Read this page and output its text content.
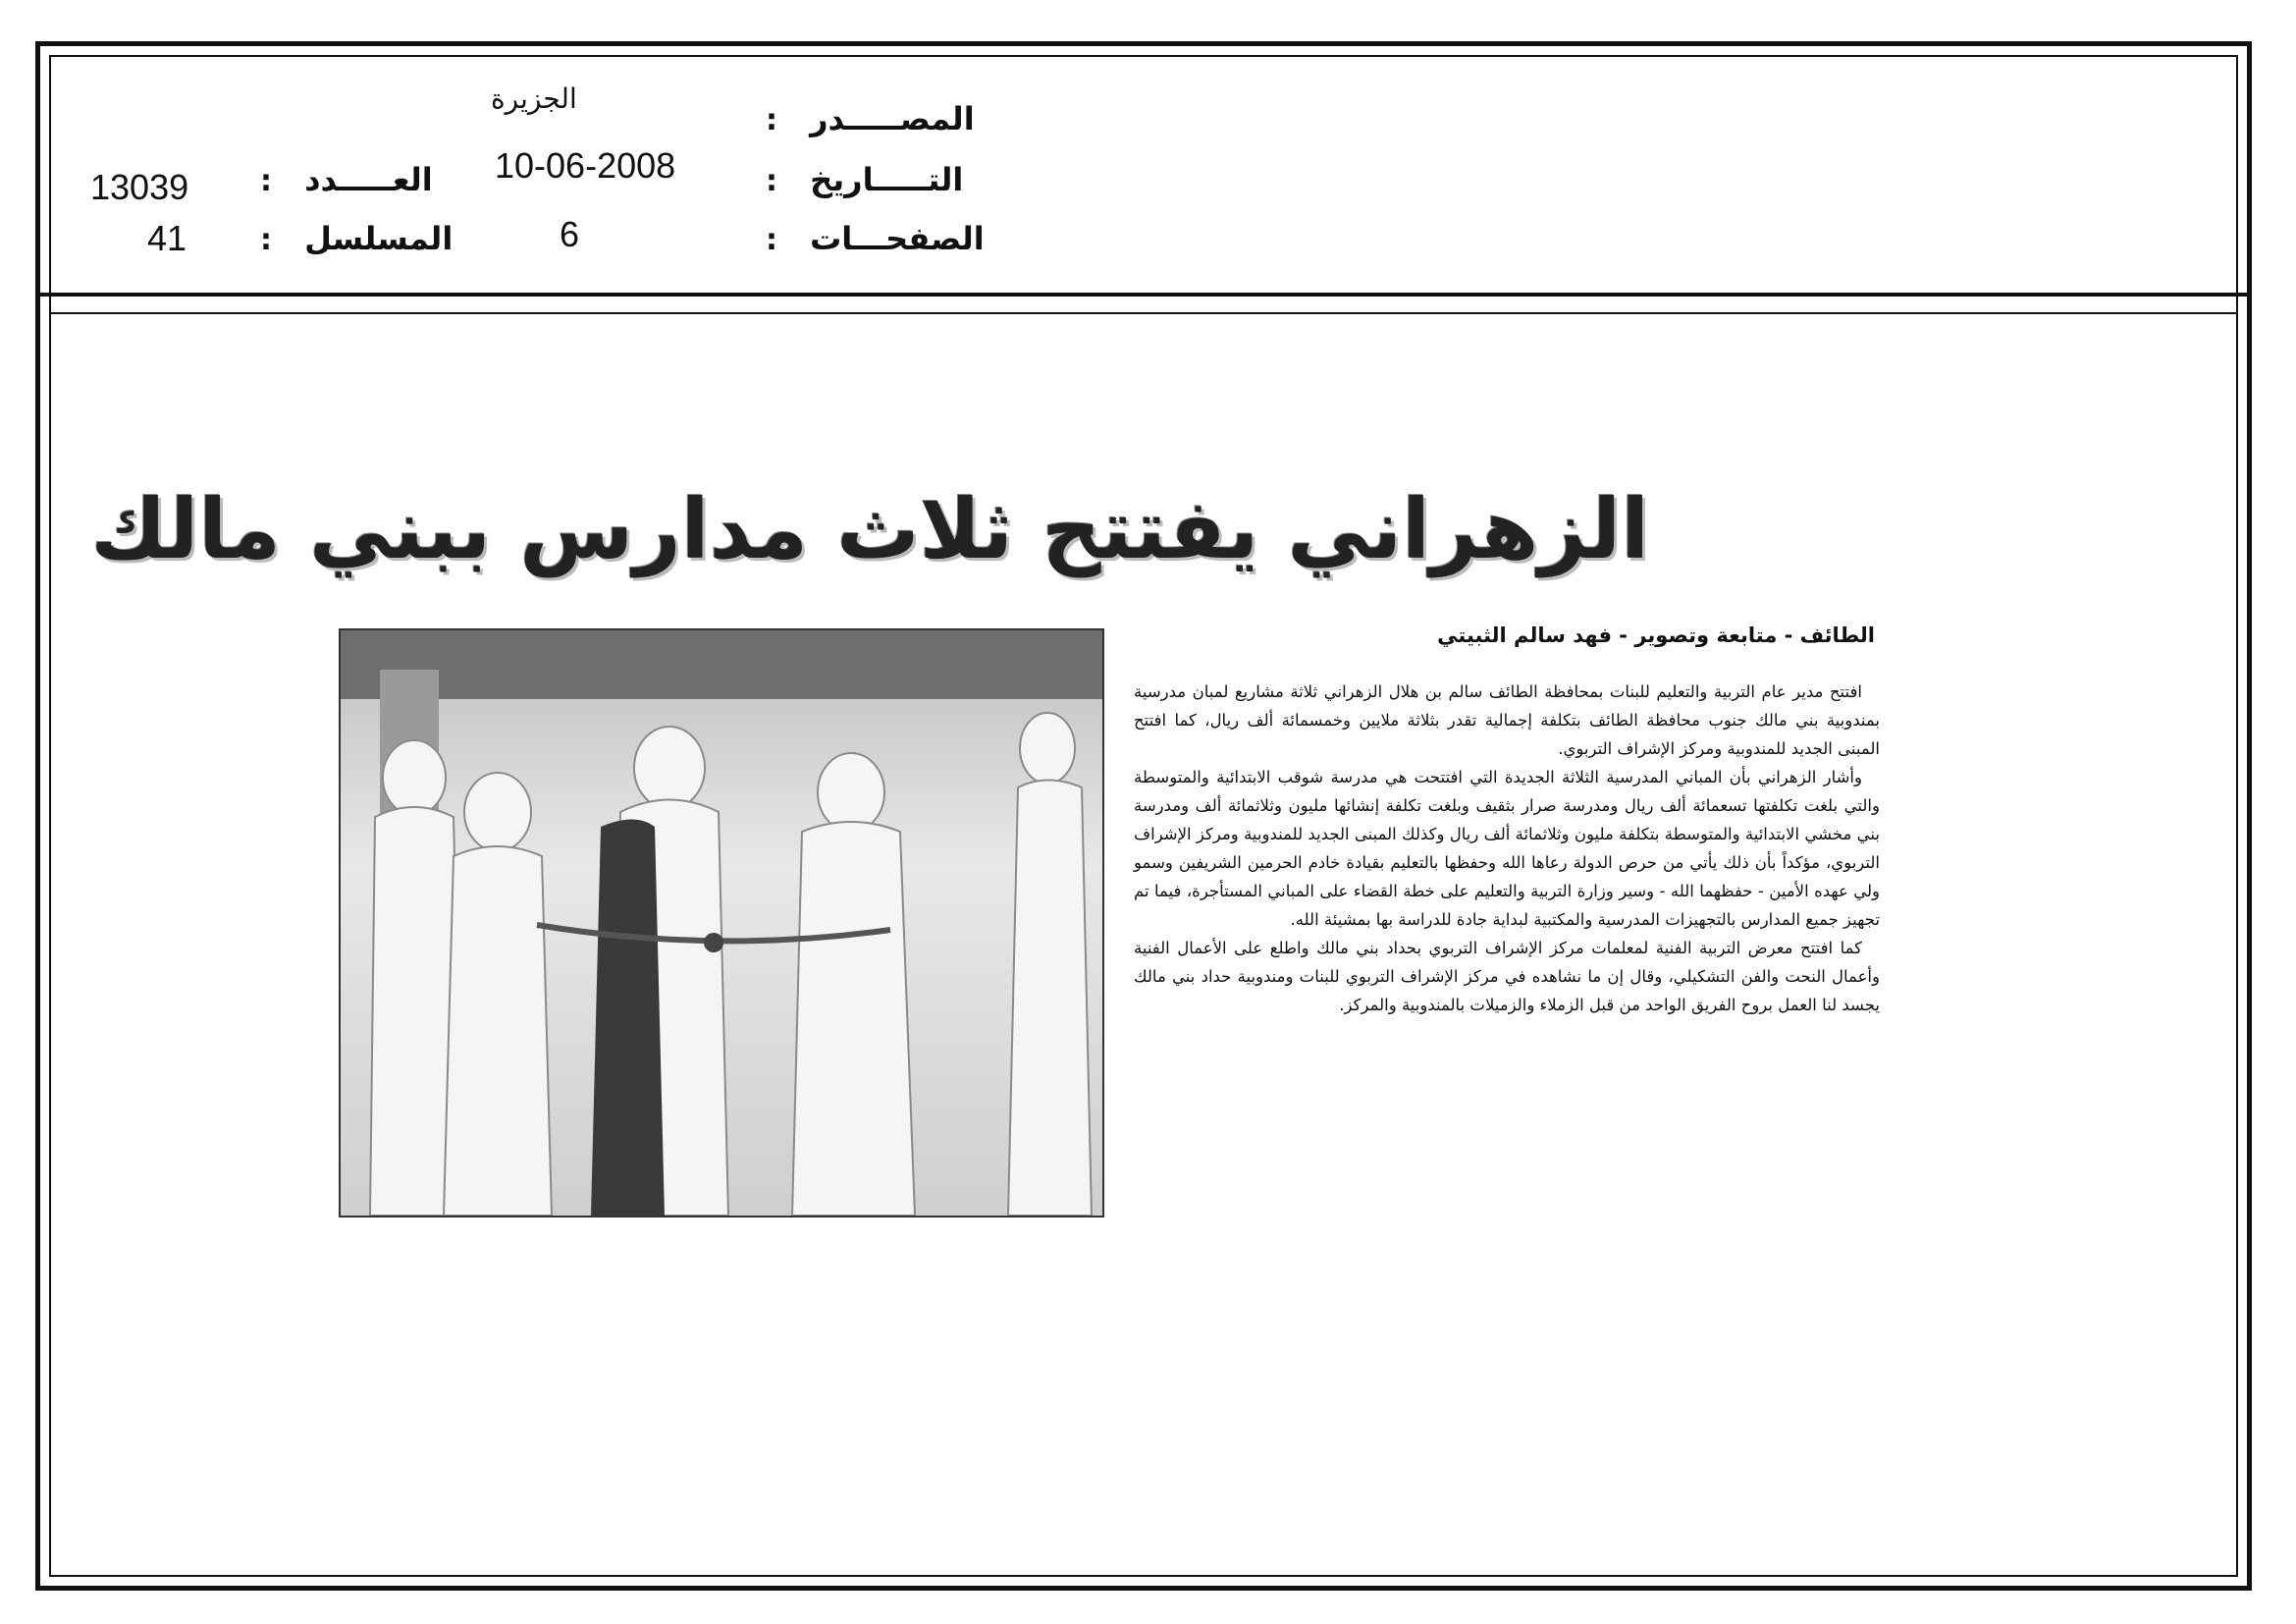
المصـــــدر :
التـــــاريخ :
الصفحـــات :
الجزيرة
10-06-2008
6
العـــــدد :
المسلسل :
13039
41
الزهراني يفتتح ثلاث مدارس ببني مالك
الطائف - متابعة وتصوير - فهد سالم الثبيتي

افتتح مدير عام التربية والتعليم للبنات بمحافظة الطائف سالم بن هلال الزهراني ثلاثة مشاريع لمبان مدرسية بمندوبية بني مالك جنوب محافظة الطائف بتكلفة إجمالية تقدر بثلاثة ملايين وخمسمائة ألف ريال، كما افتتح المبنى الجديد للمندوبية ومركز الإشراف التربوي.

وأشار الزهراني بأن المباني المدرسية الثلاثة الجديدة التي افتتحت هي مدرسة شوقب الابتدائية والمتوسطة والتي بلغت تكلفتها تسعمائة ألف ريال ومدرسة صرار بثقيف وبلغت تكلفة إنشائها مليون وثلاثمائة ألف ومدرسة بني مخشي الابتدائية والمتوسطة بتكلفة مليون وثلاثمائة ألف ريال وكذلك المبنى الجديد للمندوبية ومركز الإشراف التربوي، مؤكداً بأن ذلك يأتي من حرص الدولة رعاها الله وحفظها بالتعليم بقيادة خادم الحرمين الشريفين وسمو ولي عهده الأمين - حفظهما الله - وسير وزارة التربية والتعليم على خطة القضاء على المباني المستأجرة، فيما تم تجهيز جميع المدارس بالتجهيزات المدرسية والمكتبية لبداية جادة للدراسة بها بمشيئة الله.

كما افتتح معرض التربية الفنية لمعلمات مركز الإشراف التربوي بحداد بني مالك واطلع على الأعمال الفنية وأعمال النحت والفن التشكيلي، وقال إن ما نشاهده في مركز الإشراف التربوي للبنات ومندوبية حداد بني مالك يجسد لنا العمل بروح الفريق الواحد من قبل الزملاء والزميلات بالمندوبية والمركز.
